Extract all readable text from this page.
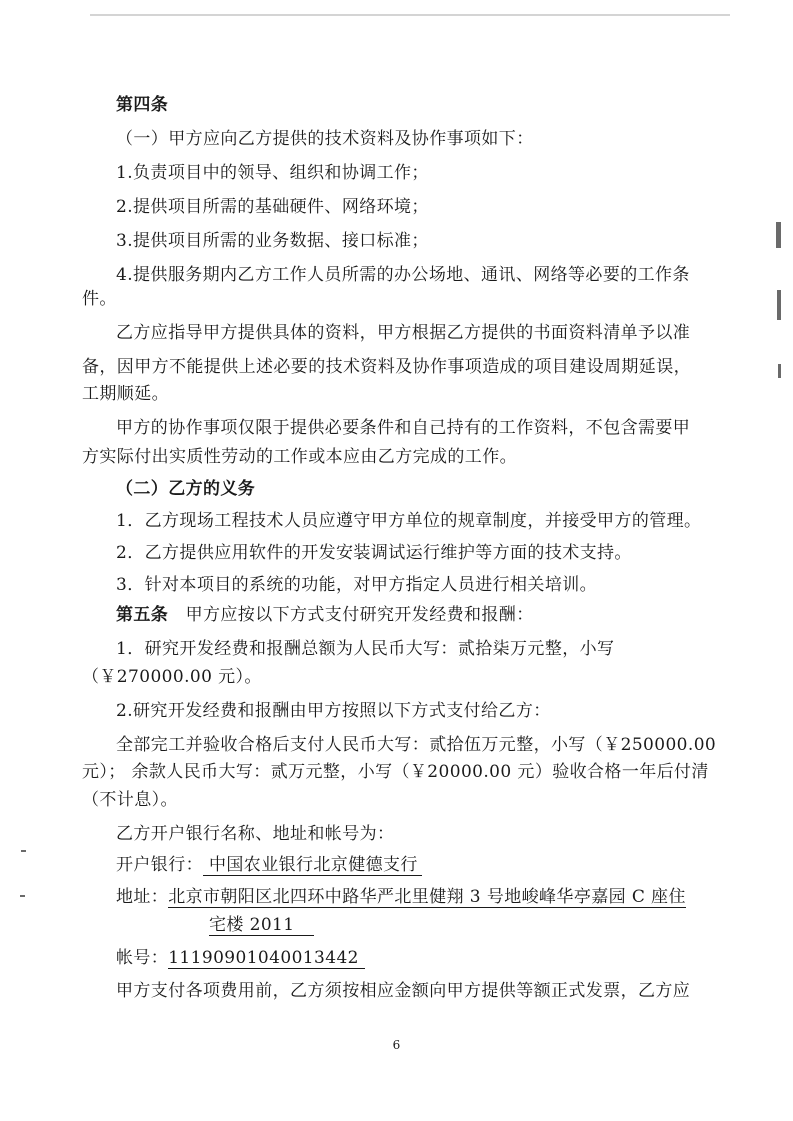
第四条
（一）甲方应向乙方提供的技术资料及协作事项如下：
1.负责项目中的领导、组织和协调工作；
2.提供项目所需的基础硬件、网络环境；
3.提供项目所需的业务数据、接口标准；
4.提供服务期内乙方工作人员所需的办公场地、通讯、网络等必要的工作条
件。
乙方应指导甲方提供具体的资料，甲方根据乙方提供的书面资料清单予以准
备，因甲方不能提供上述必要的技术资料及协作事项造成的项目建设周期延误，
工期顺延。
甲方的协作事项仅限于提供必要条件和自己持有的工作资料，不包含需要甲
方实际付出实质性劳动的工作或本应由乙方完成的工作。
（二）乙方的义务
1．乙方现场工程技术人员应遵守甲方单位的规章制度，并接受甲方的管理。
2．乙方提供应用软件的开发安装调试运行维护等方面的技术支持。
3．针对本项目的系统的功能，对甲方指定人员进行相关培训。
第五条  甲方应按以下方式支付研究开发经费和报酬：
1．研究开发经费和报酬总额为人民币大写：贰拾柒万元整，小写
（￥270000.00 元）。
2.研究开发经费和报酬由甲方按照以下方式支付给乙方：
全部完工并验收合格后支付人民币大写：贰拾伍万元整，小写（￥250000.00
元）； 余款人民币大写：贰万元整，小写（￥20000.00 元）验收合格一年后付清
（不计息）。
乙方开户银行名称、地址和帐号为：
开户银行： 中国农业银行北京健德支行
地址：北京市朝阳区北四环中路华严北里健翔 3 号地峻峰华亭嘉园 C 座住
宅楼 2011
帐号：11190901040013442
甲方支付各项费用前，乙方须按相应金额向甲方提供等额正式发票，乙方应
6
